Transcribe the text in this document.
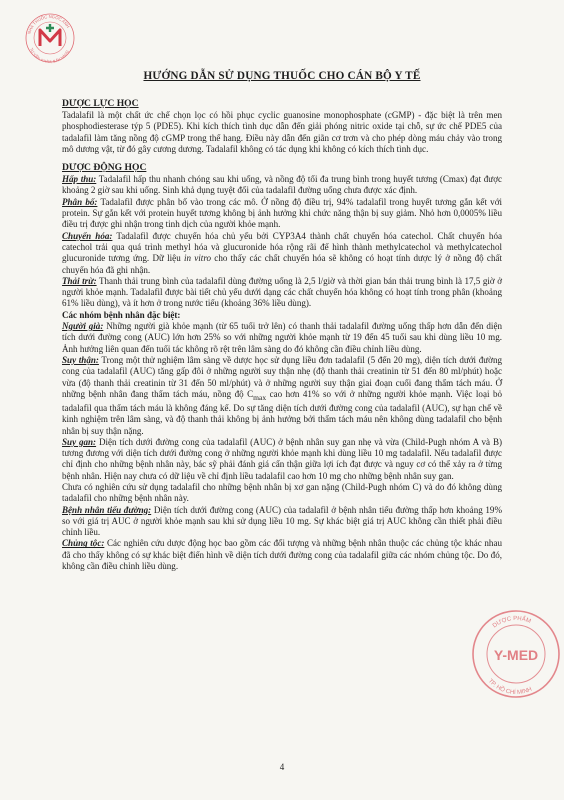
NHÀ THUỐC NGỌC ANH
TƯ VẤN, KHÁM, BÁN HÀNG
HƯỚNG DẪN SỬ DỤNG THUỐC CHO CÁN BỘ Y TẾ
DƯỢC LỰC HỌC

Tadalafil là một chất ức chế chọn lọc có hồi phục cyclic guanosine monophosphate (cGMP) - đặc biệt là trên men phosphodiesterase týp 5 (PDE5). Khi kích thích tình dục dẫn đến giải phóng nitric oxide tại chỗ, sự ức chế PDE5 của tadalafil làm tăng nồng độ cGMP trong thể hang. Điều này dẫn đến giãn cơ trơn và cho phép dòng máu chảy vào trong mô dương vật, từ đó gây cương dương. Tadalafil không có tác dụng khi không có kích thích tình dục.

DƯỢC ĐỘNG HỌC

Hấp thu: Tadalafil hấp thu nhanh chóng sau khi uống, và nồng độ tối đa trung bình trong huyết tương (Cmax) đạt được khoảng 2 giờ sau khi uống. Sinh khả dụng tuyệt đối của tadalafil đường uống chưa được xác định.

Phân bố: Tadalafil được phân bố vào trong các mô. Ở nồng độ điều trị, 94% tadalafil trong huyết tương gắn kết với protein. Sự gắn kết với protein huyết tương không bị ảnh hưởng khi chức năng thận bị suy giảm. Nhỏ hơn 0,0005% liều điều trị được ghi nhận trong tinh dịch của người khỏe mạnh.

Chuyển hóa: Tadalafil được chuyển hóa chủ yếu bởi CYP3A4 thành chất chuyển hóa catechol. Chất chuyển hóa catechol trải qua quá trình methyl hóa và glucuronide hóa rộng rãi để hình thành methylcatechol và methylcatechol glucuronide tương ứng. Dữ liệu in vitro cho thấy các chất chuyển hóa sẽ không có hoạt tính dược lý ở nồng độ chất chuyển hóa đã ghi nhận.

Thải trừ: Thanh thải trung bình của tadalafil dùng đường uống là 2,5 l/giờ và thời gian bán thải trung bình là 17,5 giờ ở người khỏe mạnh. Tadalafil được bài tiết chủ yếu dưới dạng các chất chuyển hóa không có hoạt tính trong phân (khoảng 61% liều dùng), và ít hơn ở trong nước tiểu (khoảng 36% liều dùng).

Các nhóm bệnh nhân đặc biệt:

Người già: Những người già khỏe mạnh (từ 65 tuổi trở lên) có thanh thải tadalafil đường uống thấp hơn dẫn đến diện tích dưới đường cong (AUC) lớn hơn 25% so với những người khỏe mạnh từ 19 đến 45 tuổi sau khi dùng liều 10 mg. Ảnh hưởng liên quan đến tuổi tác không rõ rệt trên lâm sàng do đó không cần điều chỉnh liều dùng.

Suy thận: Trong một thử nghiệm lâm sàng về dược học sử dụng liều đơn tadalafil (5 đến 20 mg), diện tích dưới đường cong của tadalafil (AUC) tăng gấp đôi ở những người suy thận nhẹ (độ thanh thải creatinin từ 51 đến 80 ml/phút) hoặc vừa (độ thanh thải creatinin từ 31 đến 50 ml/phút) và ở những người suy thận giai đoạn cuối đang thẩm tách máu. Ở những bệnh nhân đang thẩm tách máu, nồng độ $C_{max}$ cao hơn 41% so với ở những người khỏe mạnh. Việc loại bỏ tadalafil qua thẩm tách máu là không đáng kể. Do sự tăng diện tích dưới đường cong của tadalafil (AUC), sự hạn chế về kinh nghiệm trên lâm sàng, và độ thanh thải không bị ảnh hưởng bởi thẩm tách máu nên không dùng tadalafil cho bệnh nhân bị suy thận nặng.

Suy gan: Diện tích dưới đường cong của tadalafil (AUC) ở bệnh nhân suy gan nhẹ và vừa (Child-Pugh nhóm A và B) tương đương với diện tích dưới đường cong ở những người khỏe mạnh khi dùng liều 10 mg tadalafil. Nếu tadalafil được chỉ định cho những bệnh nhân này, bác sỹ phải đánh giá cẩn thận giữa lợi ích đạt được và nguy cơ có thể xảy ra ở từng bệnh nhân. Hiện nay chưa có dữ liệu về chỉ định liều tadalafil cao hơn 10 mg cho những bệnh nhân suy gan.

Chưa có nghiên cứu sử dụng tadalafil cho những bệnh nhân bị xơ gan nặng (Child-Pugh nhóm C) và do đó không dùng tadalafil cho những bệnh nhân này.

Bệnh nhân tiểu đường: Diện tích dưới đường cong (AUC) của tadalafil ở bệnh nhân tiểu đường thấp hơn khoảng 19% so với giá trị AUC ở người khỏe mạnh sau khi sử dụng liều 10 mg. Sự khác biệt giá trị AUC không cần thiết phải điều chỉnh liều.

Chủng tộc: Các nghiên cứu dược động học bao gồm các đối tượng và những bệnh nhân thuộc các chủng tộc khác nhau đã cho thấy không có sự khác biệt điển hình về diện tích dưới đường cong của tadalafil giữa các nhóm chủng tộc. Do đó, không cần điều chỉnh liều dùng.

DƯỢC PHẨM
Y-MED
TP. HỒ CHÍ MINH
4
